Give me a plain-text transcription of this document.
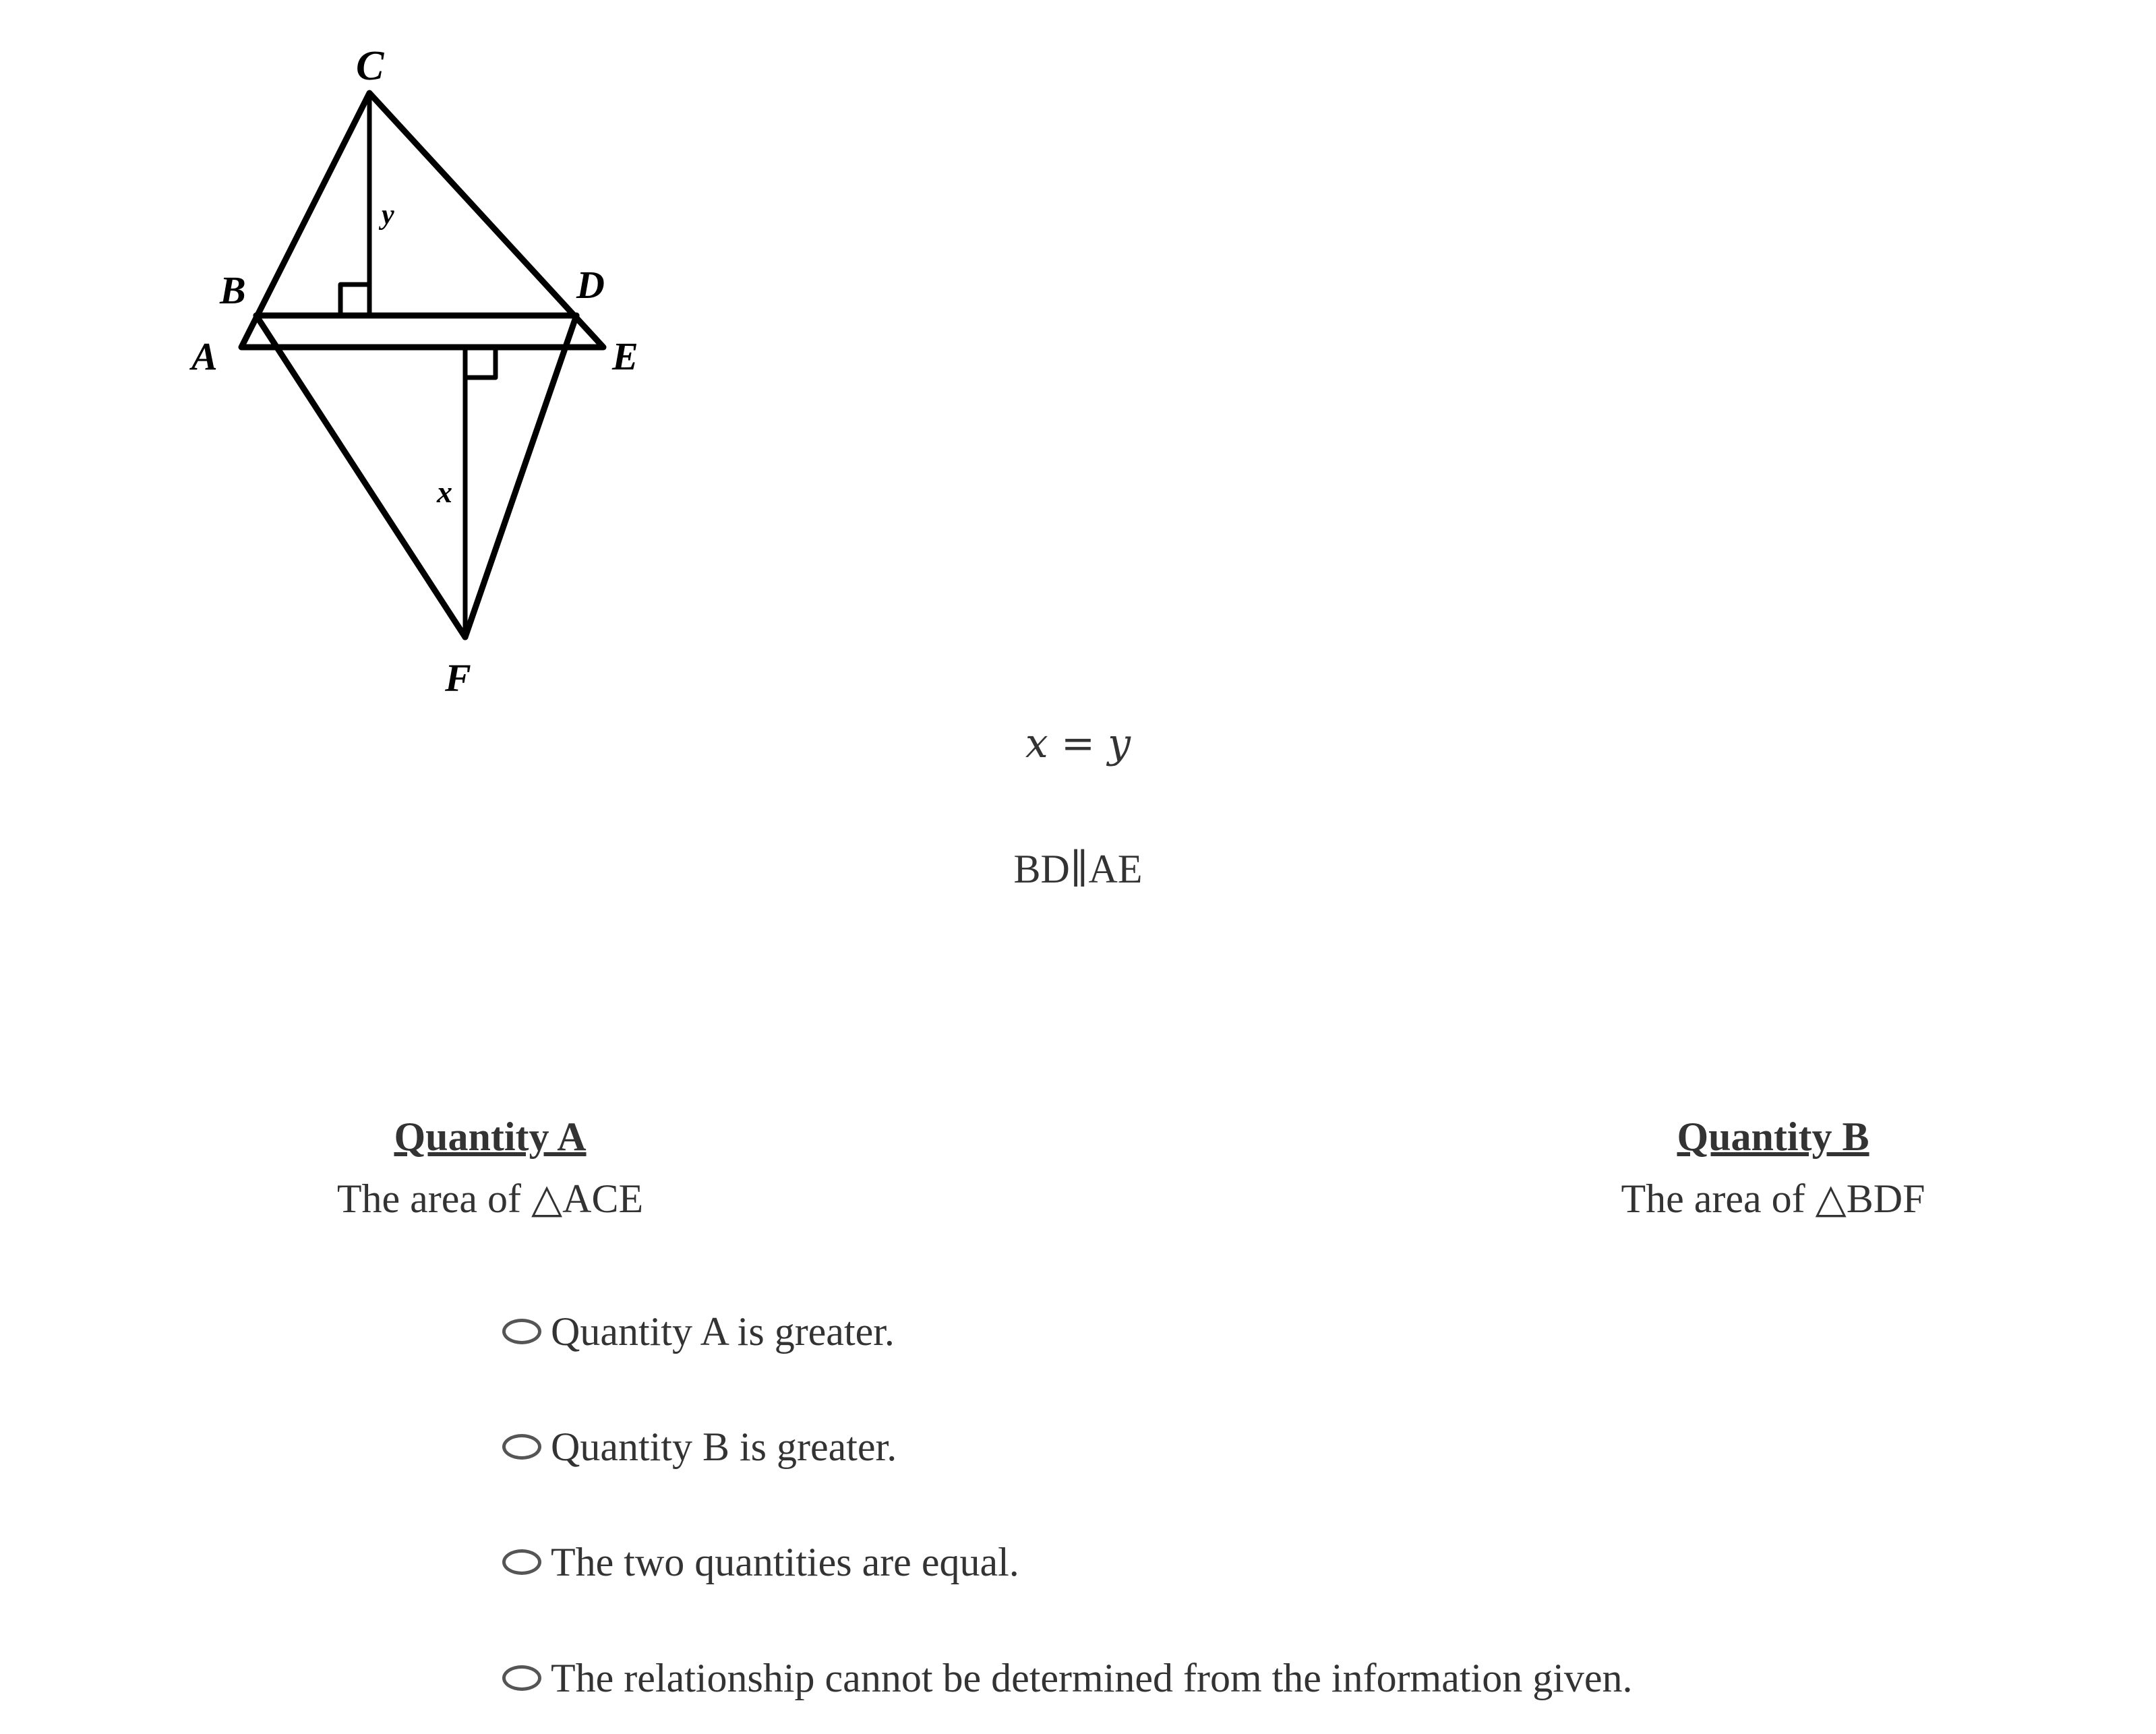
C
B	D
A	E
F
y
x
x = y
BD∥AE
Quantity A
The area of △ACE
Quantity B
The area of △BDF
Quantity A is greater.
Quantity B is greater.
The two quantities are equal.
The relationship cannot be determined from the information given.
